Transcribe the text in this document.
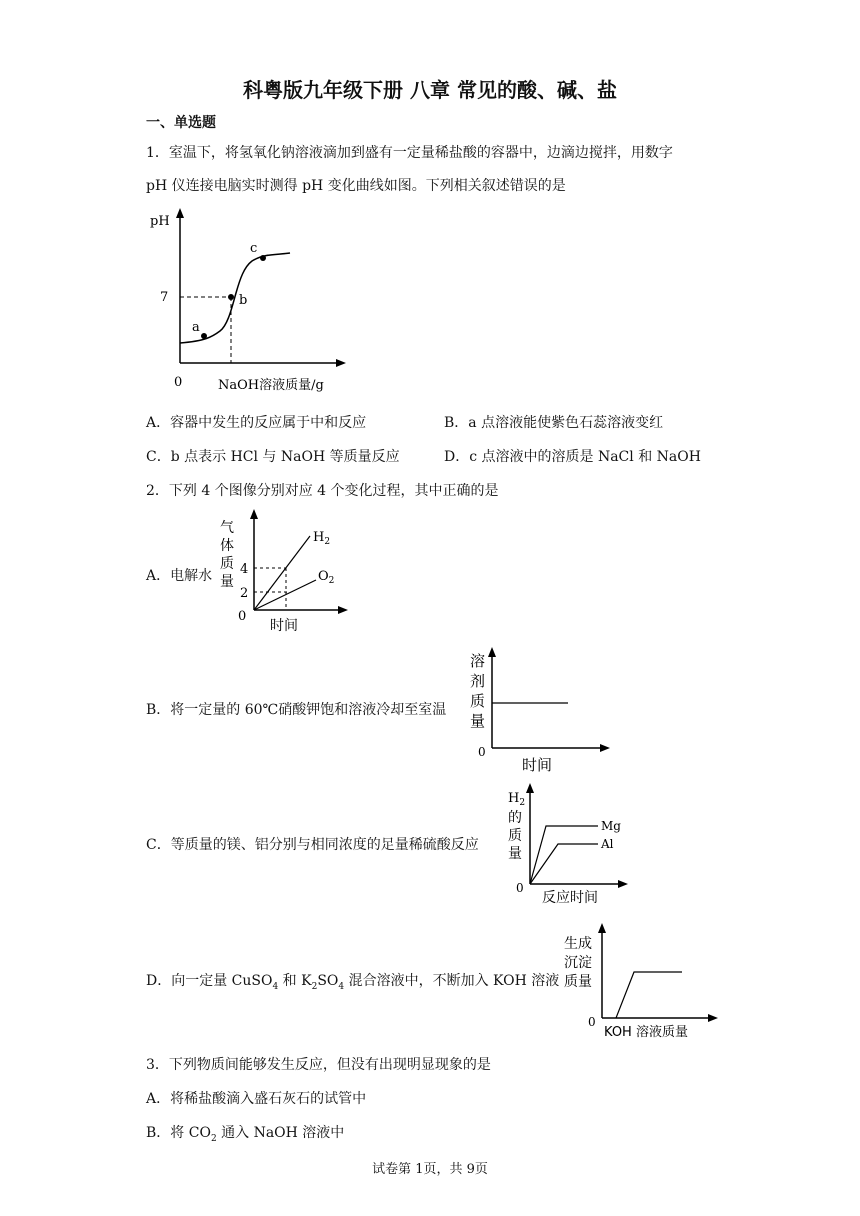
科粤版九年级下册 八章 常见的酸、碱、盐
一、单选题
1．室温下，将氢氧化钠溶液滴加到盛有一定量稀盐酸的容器中，边滴边搅拌，用数字
pH 仪连接电脑实时测得 pH 变化曲线如图。下列相关叙述错误的是
pH
7
0	NaOH溶液质量/g
a
b
c
A．容器中发生的反应属于中和反应	B．a 点溶液能使紫色石蕊溶液变红
C．b 点表示 HCl 与 NaOH 等质量反应	D．c 点溶液中的溶质是 NaCl 和 NaOH
2．下列 4 个图像分别对应 4 个变化过程，其中正确的是
A．电解水
气
体
质
量
4
2
0
时间
$H_2$
$O_2$
B．将一定量的 60℃硝酸钾饱和溶液冷却至室温
溶
剂
质
量
0
时间
C．等质量的镁、铝分别与相同浓度的足量稀硫酸反应
$H_2$
的
质
量
Mg
Al
0
反应时间
D．向一定量 CuSO$_4$ 和 $K_2SO_4$ 混合溶液中，不断加入 KOH 溶液
生成
沉淀
质量
0
KOH 溶液质量
3．下列物质间能够发生反应，但没有出现明显现象的是
A．将稀盐酸滴入盛石灰石的试管中
B．将 $CO_2$ 通入 NaOH 溶液中
试卷第 1页，共 9页
